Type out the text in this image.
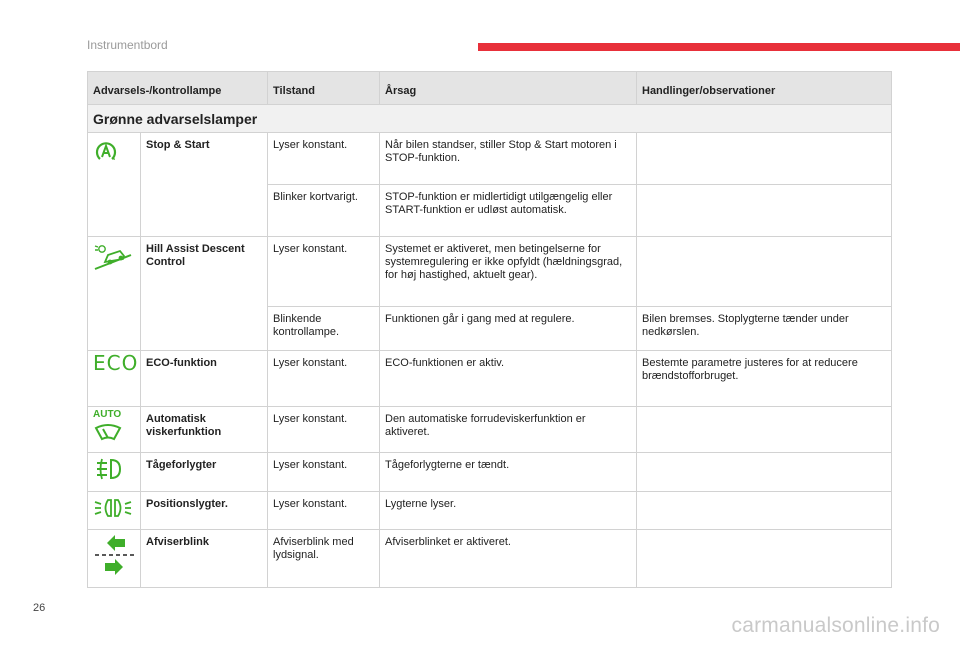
Instrumentbord
Advarsels-/kontrollampe		Tilstand	Årsag	Handlinger/observationer
Grønne advarselslamper				
	Stop & Start	Lyser konstant.	Når bilen standser, stiller Stop & Start motoren i STOP-funktion.	
		Blinker kortvarigt.	STOP-funktion er midlertidigt utilgængelig eller START-funktion er udløst automatisk.	
	Hill Assist Descent Control	Lyser konstant.	Systemet er aktiveret, men betingelserne for systemregulering er ikke opfyldt (hældningsgrad, for høj hastighed, aktuelt gear).	
		Blinkende kontrollampe.	Funktionen går i gang med at regulere.	Bilen bremses. Stoplygterne tænder under nedkørslen.
ECO	ECO-funktion	Lyser konstant.	ECO-funktionen er aktiv.	Bestemte parametre justeres for at reducere brændstofforbruget.

AUTO	Automatisk viskerfunktion	Lyser konstant.	Den automatiske forrudeviskerfunktion er aktiveret.	
	Tågeforlygter	Lyser konstant.	Tågeforlygterne er tændt.	
	Positionslygter.	Lyser konstant.	Lygterne lyser.	
	Afviserblink	Afviserblink med lydsignal.	Afviserblinket er aktiveret.	
26
carmanualsonline.info
